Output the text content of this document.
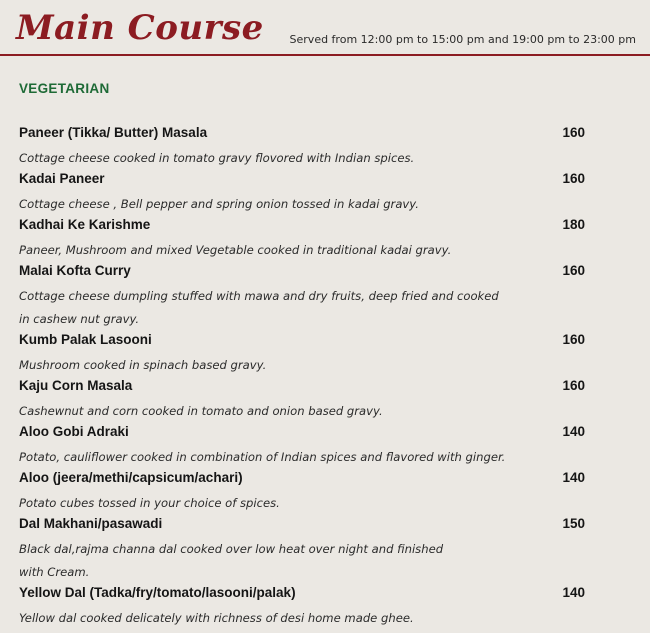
Main Course Served from 12:00 pm to 15:00 pm and 19:00 pm to 23:00 pm
VEGETARIAN
Paneer (Tikka/ Butter) Masala	160

Cottage cheese cooked in tomato gravy flovored with Indian spices.

Kadai Paneer	160

Cottage cheese , Bell pepper and spring onion tossed in kadai gravy.

Kadhai Ke Karishme	180

Paneer, Mushroom and mixed Vegetable cooked in traditional kadai gravy.

Malai Kofta Curry	160

Cottage cheese dumpling stuffed with mawa and dry fruits, deep fried and cooked
in cashew nut gravy.

Kumb Palak Lasooni	160

Mushroom cooked in spinach based gravy.

Kaju Corn Masala	160

Cashewnut and corn cooked in tomato and onion based gravy.

Aloo Gobi Adraki	140

Potato, cauliflower cooked in combination of Indian spices and flavored with ginger.

Aloo (jeera/methi/capsicum/achari)	140

Potato cubes tossed in your choice of spices.

Dal Makhani/pasawadi	150

Black dal,rajma channa dal cooked over low heat over night and finished
with Cream.

Yellow Dal (Tadka/fry/tomato/lasooni/palak)	140

Yellow dal cooked delicately with richness of desi home made ghee.
